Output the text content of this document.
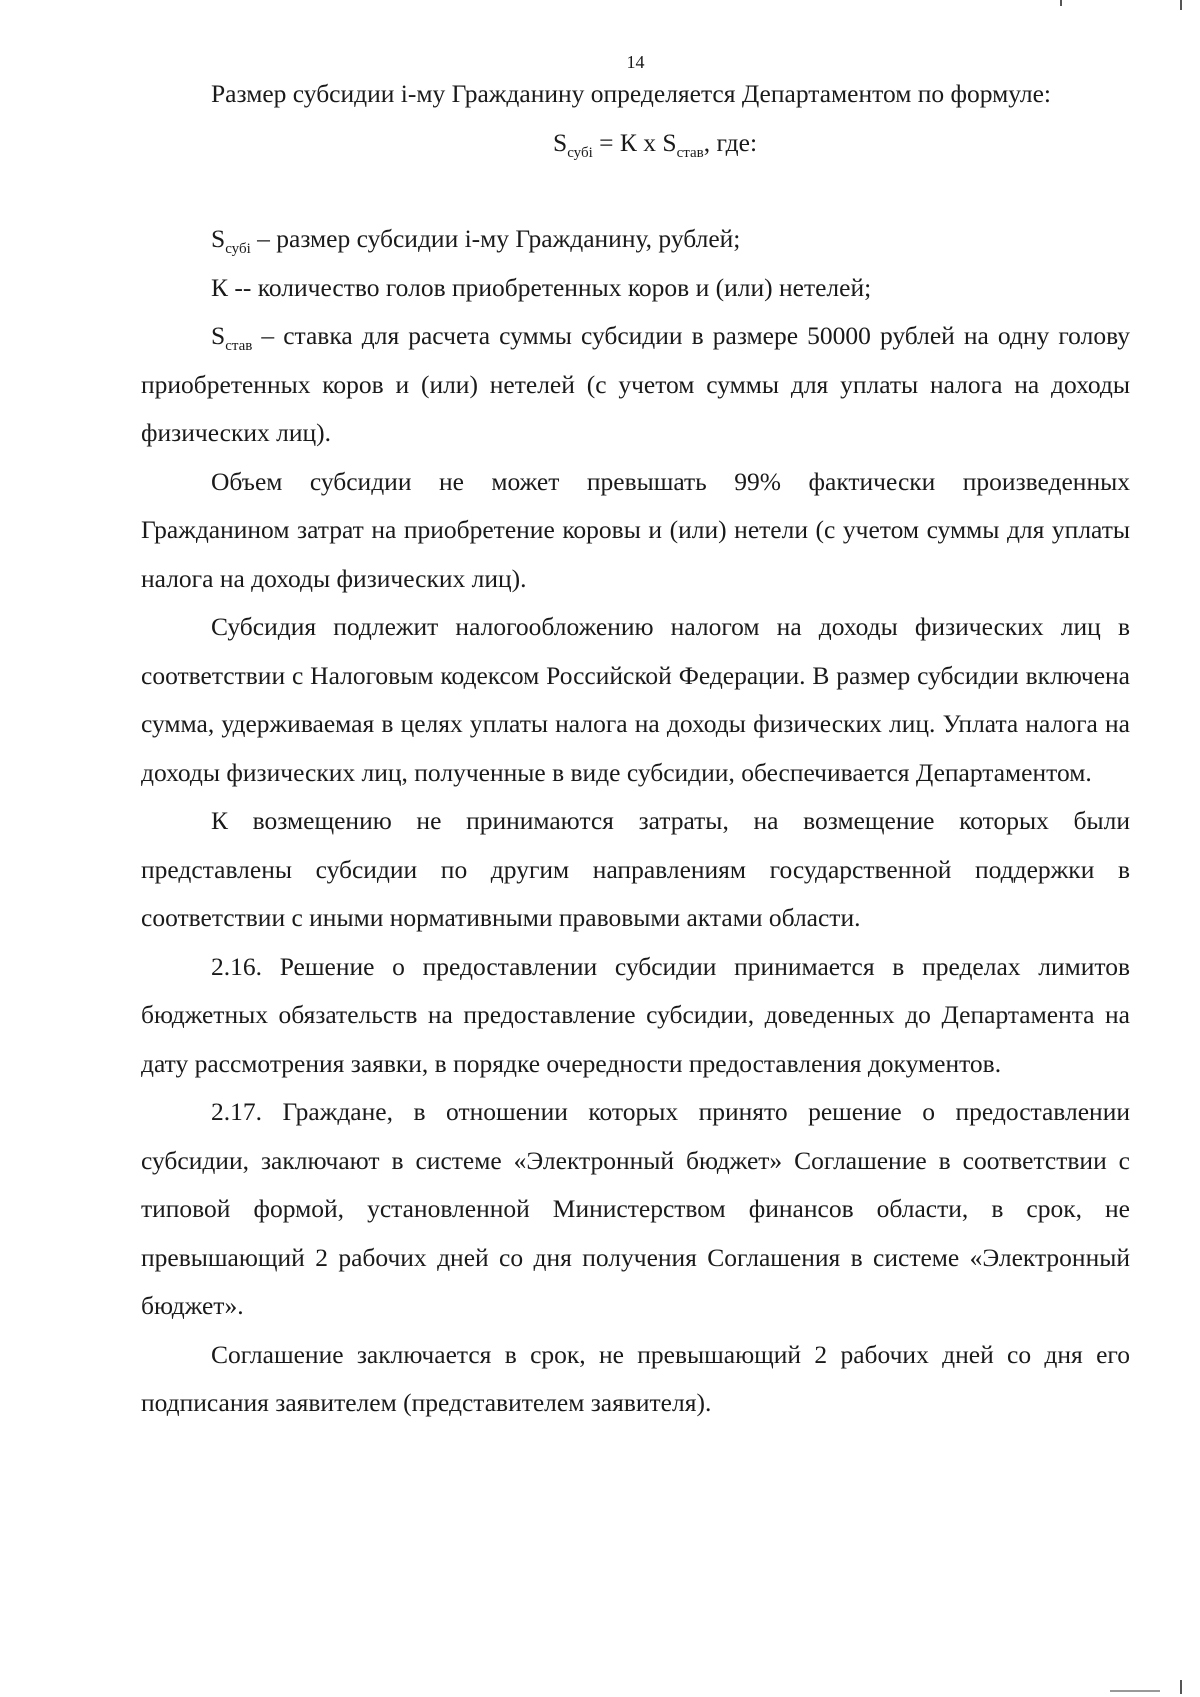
14

Размер субсидии i-му Гражданину определяется Департаментом по формуле:

$S_{субi} = К$ х $S_{став}$, где:

$S_{субi}$ – размер субсидии i-му Гражданину, рублей;

К -- количество голов приобретенных коров и (или) нетелей;

$S_{став}$ – ставка для расчета суммы субсидии в размере 50000 рублей на одну голову приобретенных коров и (или) нетелей (с учетом суммы для уплаты налога на доходы физических лиц).

Объем субсидии не может превышать 99% фактически произведенных Гражданином затрат на приобретение коровы и (или) нетели (с учетом суммы для уплаты налога на доходы физических лиц).

Субсидия подлежит налогообложению налогом на доходы физических лиц в соответствии с Налоговым кодексом Российской Федерации. В размер субсидии включена сумма, удерживаемая в целях уплаты налога на доходы физических лиц. Уплата налога на доходы физических лиц, полученные в виде субсидии, обеспечивается Департаментом.

К возмещению не принимаются затраты, на возмещение которых были представлены субсидии по другим направлениям государственной поддержки в соответствии с иными нормативными правовыми актами области.

2.16. Решение о предоставлении субсидии принимается в пределах лимитов бюджетных обязательств на предоставление субсидии, доведенных до Департамента на дату рассмотрения заявки, в порядке очередности предоставления документов.

2.17. Граждане, в отношении которых принято решение о предоставлении субсидии, заключают в системе «Электронный бюджет» Соглашение в соответствии с типовой формой, установленной Министерством финансов области, в срок, не превышающий 2 рабочих дней со дня получения Соглашения в системе «Электронный бюджет».

Соглашение заключается в срок, не превышающий 2 рабочих дней со дня его подписания заявителем (представителем заявителя).
